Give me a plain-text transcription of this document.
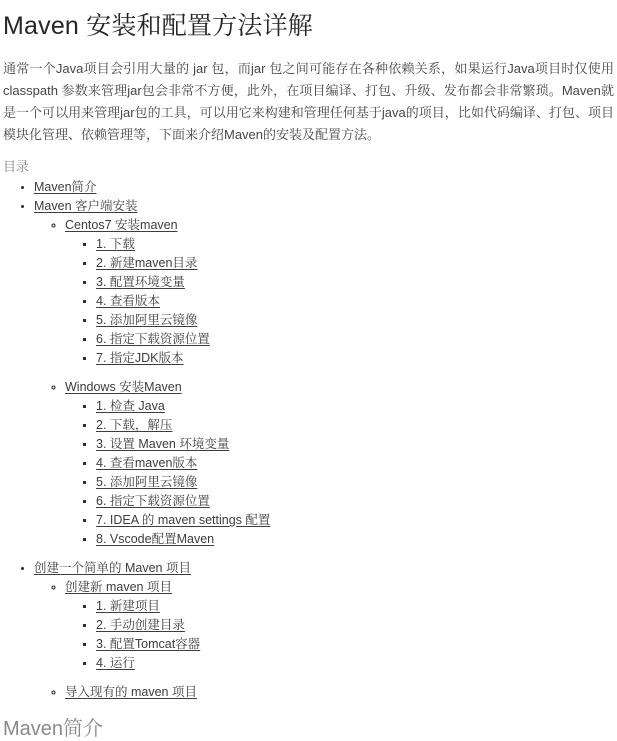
Maven 安装和配置方法详解

通常一个Java项目会引用大量的 jar 包，而jar 包之间可能存在各种依赖关系，如果运行Java项目时仅使用classpath 参数来管理jar包会非常不方便，此外，在项目编译、打包、升级、发布都会非常繁琐。Maven就是一个可以用来管理jar包的工具，可以用它来构建和管理任何基于java的项目，比如代码编译、打包、项目模块化管理、依赖管理等，下面来介绍Maven的安装及配置方法。

目录
• Maven简介
• Maven 客户端安装
◦ Centos7 安装maven
▪ 1. 下载
▪ 2. 新建maven目录
▪ 3. 配置环境变量
▪ 4. 查看版本
▪ 5. 添加阿里云镜像
▪ 6. 指定下载资源位置
▪ 7. 指定JDK版本
◦ Windows 安装Maven
▪ 1. 检查 Java
▪ 2. 下载，解压
▪ 3. 设置 Maven 环境变量
▪ 4. 查看maven版本
▪ 5. 添加阿里云镜像
▪ 6. 指定下载资源位置
▪ 7. IDEA 的 maven settings 配置
▪ 8. Vscode配置Maven
• 创建一个简单的 Maven 项目
◦ 创建新 maven 项目
▪ 1. 新建项目
▪ 2. 手动创建目录
▪ 3. 配置Tomcat容器
▪ 4. 运行
◦ 导入现有的 maven 项目
Maven简介
